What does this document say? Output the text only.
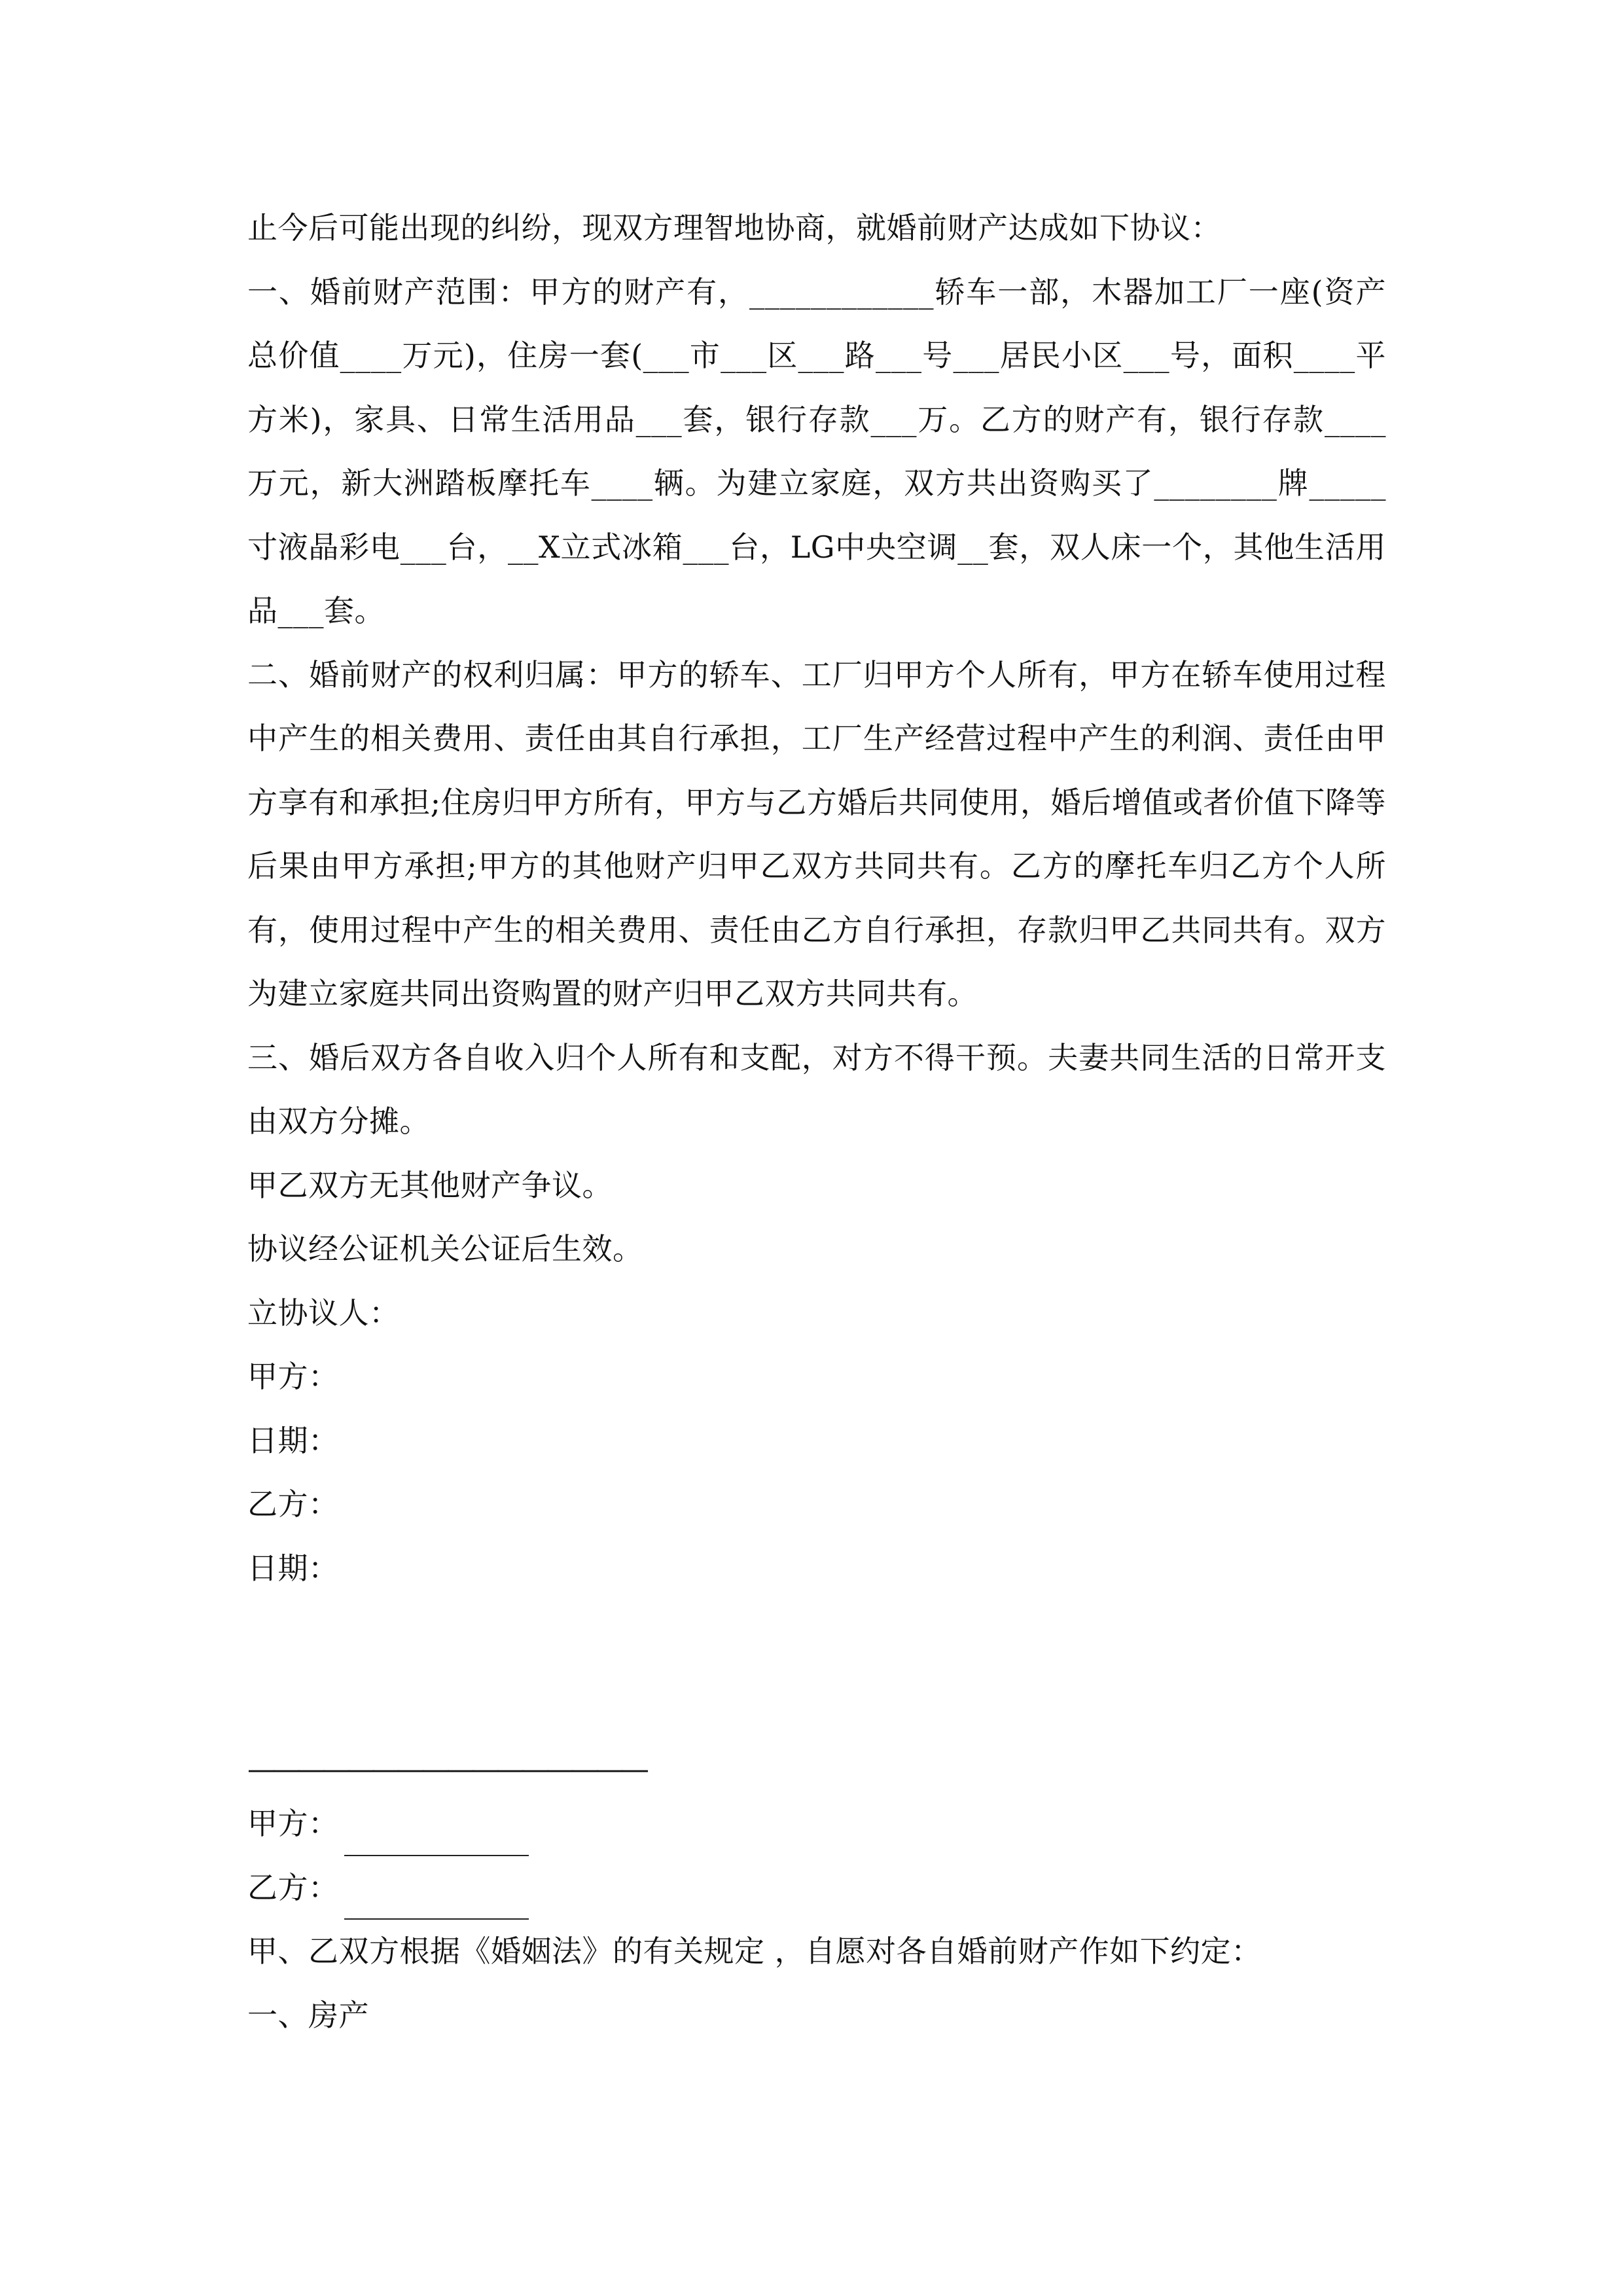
止今后可能出现的纠纷，现双方理智地协商，就婚前财产达成如下协议：

一、婚前财产范围：甲方的财产有，____________轿车一部，木器加工厂一座(资产总价值____万元)，住房一套(___市___区___路___号___居民小区___号，面积____平方米)，家具、日常生活用品___套，银行存款___万。乙方的财产有，银行存款____万元，新大洲踏板摩托车____辆。为建立家庭，双方共出资购买了________牌_____寸液晶彩电___台，__X立式冰箱___台，LG中央空调__套，双人床一个，其他生活用品___套。

二、婚前财产的权利归属：甲方的轿车、工厂归甲方个人所有，甲方在轿车使用过程中产生的相关费用、责任由其自行承担，工厂生产经营过程中产生的利润、责任由甲方享有和承担;住房归甲方所有，甲方与乙方婚后共同使用，婚后增值或者价值下降等后果由甲方承担;甲方的其他财产归甲乙双方共同共有。乙方的摩托车归乙方个人所有，使用过程中产生的相关费用、责任由乙方自行承担，存款归甲乙共同共有。双方为建立家庭共同出资购置的财产归甲乙双方共同共有。

三、婚后双方各自收入归个人所有和支配，对方不得干预。夫妻共同生活的日常开支由双方分摊。

甲乙双方无其他财产争议。

协议经公证机关公证后生效。

立协议人：

甲方：

日期：

乙方：

日期：

————————————————

甲方：

乙方：

甲、乙双方根据《婚姻法》的有关规定 ，自愿对各自婚前财产作如下约定：

一、房产
